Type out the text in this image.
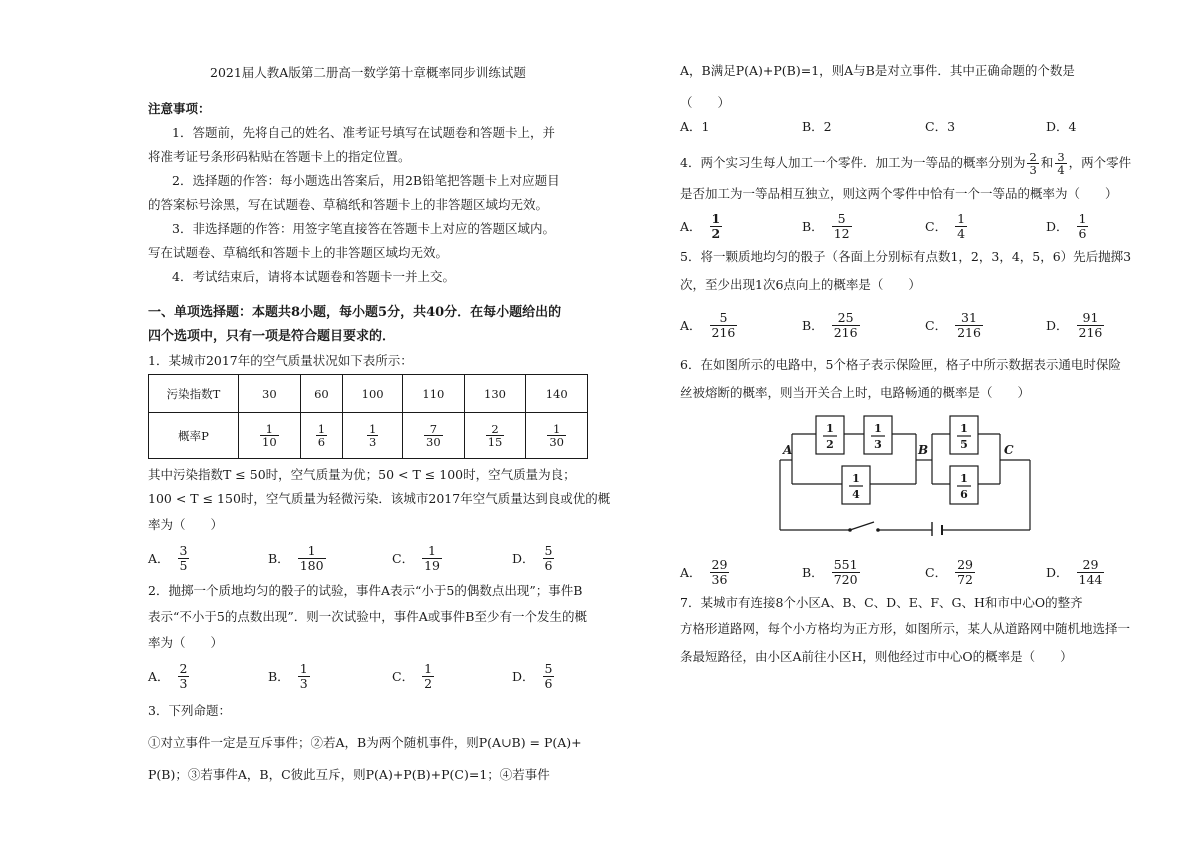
2021届人教A版第二册高一数学第十章概率同步训练试题
注意事项：
1．答题前，先将自己的姓名、准考证号填写在试题卷和答题卡上，并
将准考证号条形码粘贴在答题卡上的指定位置。
2．选择题的作答：每小题选出答案后，用2B铅笔把答题卡上对应题目
的答案标号涂黑，写在试题卷、草稿纸和答题卡上的非答题区域均无效。
3．非选择题的作答：用签字笔直接答在答题卡上对应的答题区域内。
写在试题卷、草稿纸和答题卡上的非答题区域均无效。
4．考试结束后，请将本试题卷和答题卡一并上交。
一、单项选择题：本题共8小题，每小题5分，共40分．在每小题给出的
四个选项中，只有一项是符合题目要求的．
1．某城市2017年的空气质量状况如下表所示：
污染指数T	30	60	100	110	130	140
概率P	$\frac{1}{10}$	$\frac{1}{6}$	$\frac{1}{3}$	$\frac{7}{30}$	$\frac{2}{15}$	$\frac{1}{30}$
其中污染指数T ≤ 50时，空气质量为优；50 < T ≤ 100时，空气质量为良；
100 < T ≤ 150时，空气质量为轻微污染．该城市2017年空气质量达到良或优的概
率为（　　）
A． $\frac{3}{5}$	B． $\frac{1}{180}$	C． $\frac{1}{19}$	D． $\frac{5}{6}$
2．抛掷一个质地均匀的骰子的试验，事件A表示“小于5的偶数点出现”；事件B
表示“不小于5的点数出现”．则一次试验中，事件A或事件B至少有一个发生的概
率为（　　）
A． $\frac{2}{3}$	B． $\frac{1}{3}$	C． $\frac{1}{2}$	D． $\frac{5}{6}$
3．下列命题：
①对立事件一定是互斥事件；②若A，B为两个随机事件，则P(A∪B) = P(A)+
P(B)；③若事件A，B，C彼此互斥，则P(A)+P(B)+P(C)=1；④若事件
A，B满足P(A)+P(B)=1，则A与B是对立事件．其中正确命题的个数是
（　　）
A．1	B．2	C．3	D．4
4．两个实习生每人加工一个零件．加工为一等品的概率分别为 $\frac{2}{3}$ 和 $\frac{3}{4}$ ，两个零件
是否加工为一等品相互独立，则这两个零件中恰有一个一等品的概率为（　　）
A． $\frac{1}{2}$	B． $\frac{5}{12}$	C． $\frac{1}{4}$	D． $\frac{1}{6}$
5．将一颗质地均匀的骰子（各面上分别标有点数1，2，3，4，5，6）先后抛掷3
次，至少出现1次6点向上的概率是（　　）
A． $\frac{5}{216}$	B． $\frac{25}{216}$	C． $\frac{31}{216}$	D． $\frac{91}{216}$
6．在如图所示的电路中，5个格子表示保险匣，格子中所示数据表示通电时保险
丝被熔断的概率，则当开关合上时，电路畅通的概率是（　　）
A． $\frac{29}{36}$	B． $\frac{551}{720}$	C． $\frac{29}{72}$	D． $\frac{29}{144}$
7．某城市有连接8个小区A、B、C、D、E、F、G、H和市中心O的整齐
方格形道路网，每个小方格均为正方形，如图所示，某人从道路网中随机地选择一
条最短路径，由小区A前往小区H，则他经过市中心O的概率是（　　）
1
2
1
3
1
4
1
5
1
6
A	B	C
